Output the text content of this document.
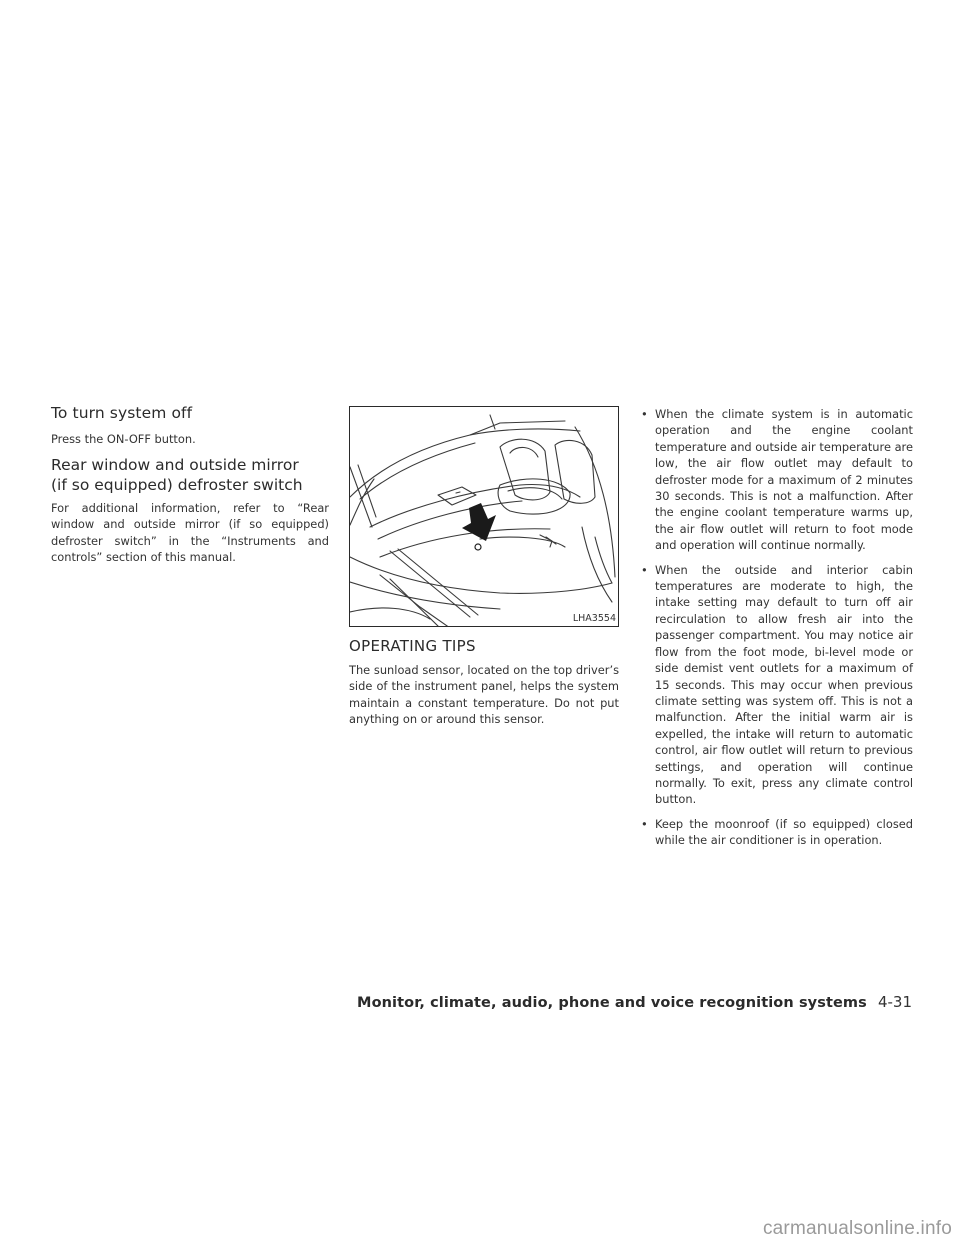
To turn system off

Press the ON-OFF button.

Rear window and outside mirror
(if so equipped) defroster switch

For additional information, refer to “Rear window and outside mirror (if so equipped) defroster switch” in the “Instruments and controls” section of this manual.

LHA3554
OPERATING TIPS

The sunload sensor, located on the top driver’s side of the instrument panel, helps the system maintain a constant temperature. Do not put anything on or around this sensor.

• When the climate system is in automatic operation and the engine coolant temperature and outside air temperature are low, the air flow outlet may default to defroster mode for a maximum of 2 minutes 30 seconds. This is not a malfunction. After the engine coolant temperature warms up, the air flow outlet will return to foot mode and operation will continue normally.
• When the outside and interior cabin temperatures are moderate to high, the intake setting may default to turn off air recirculation to allow fresh air into the passenger compartment. You may notice air flow from the foot mode, bi-level mode or side demist vent outlets for a maximum of 15 seconds. This may occur when previous climate setting was system off. This is not a malfunction. After the initial warm air is expelled, the intake will return to automatic control, air flow outlet will return to previous settings, and operation will continue normally. To exit, press any climate control button.
• Keep the moonroof (if so equipped) closed while the air conditioner is in operation.
Monitor, climate, audio, phone and voice recognition systems 4-31
carmanualsonline.info
